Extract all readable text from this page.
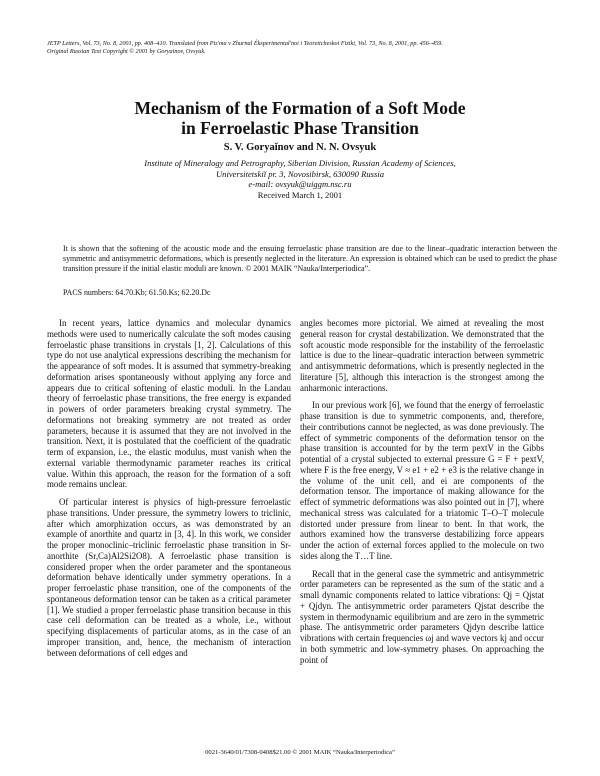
JETP Letters, Vol. 73, No. 8, 2001, pp. 408–410. Translated from Pis'ma v Zhurnal Éksperimental'noi i Teoreticheskoi Fiziki, Vol. 73, No. 8, 2001, pp. 456–459.
Original Russian Text Copyright © 2001 by Goryainov, Ovsyuk.
Mechanism of the Formation of a Soft Mode
in Ferroelastic Phase Transition
S. V. Goryaĭnov and N. N. Ovsyuk
Institute of Mineralogy and Petrography, Siberian Division, Russian Academy of Sciences,
Universitetskiĭ pr. 3, Novosibirsk, 630090 Russia
e-mail: ovsyuk@uiggm.nsc.ru
Received March 1, 2001
It is shown that the softening of the acoustic mode and the ensuing ferroelastic phase transition are due to the linear–quadratic interaction between the symmetric and antisymmetric deformations, which is presently neglected in the literature. An expression is obtained which can be used to predict the phase transition pressure if the initial elastic moduli are known. © 2001 MAIK “Nauka/Interperiodica”.
PACS numbers: 64.70.Kb; 61.50.Ks; 62.20.Dc

In recent years, lattice dynamics and molecular dynamics methods were used to numerically calculate the soft modes causing ferroelastic phase transitions in crystals [1, 2]. Calculations of this type do not use analytical expressions describing the mechanism for the appearance of soft modes. It is assumed that symmetry-breaking deformation arises spontaneously without applying any force and appears due to critical softening of elastic moduli. In the Landau theory of ferroelastic phase transitions, the free energy is expanded in powers of order parameters breaking crystal symmetry. The deformations not breaking symmetry are not treated as order parameters, because it is assumed that they are not involved in the transition. Next, it is postulated that the coefficient of the quadratic term of expansion, i.e., the elastic modulus, must vanish when the external variable thermodynamic parameter reaches its critical value. Within this approach, the reason for the formation of a soft mode remains unclear.

Of particular interest is physics of high-pressure ferroelastic phase transitions. Under pressure, the symmetry lowers to triclinic, after which amorphization occurs, as was demonstrated by an example of anorthite and quartz in [3, 4]. In this work, we consider the proper monoclinic–triclinic ferroelastic phase transition in Sr-anorthite (Sr,Ca)Al2Si2O8). A ferroelastic phase transition is considered proper when the order parameter and the spontaneous deformation behave identically under symmetry operations. In a proper ferroelastic phase transition, one of the components of the spontaneous deformation tensor can be taken as a critical parameter [1]. We studied a proper ferroelastic phase transition because in this case cell deformation can be treated as a whole, i.e., without specifying displacements of particular atoms, as in the case of an improper transition, and, hence, the mechanism of interaction between deformations of cell edges and

angles becomes more pictorial. We aimed at revealing the most general reason for crystal destabilization. We demonstrated that the soft acoustic mode responsible for the instability of the ferroelastic lattice is due to the linear–quadratic interaction between symmetric and antisymmetric deformations, which is presently neglected in the literature [5], although this interaction is the strongest among the anharmonic interactions.

In our previous work [6], we found that the energy of ferroelastic phase transition is due to symmetric components, and, therefore, their contributions cannot be neglected, as was done previously. The effect of symmetric components of the deformation tensor on the phase transition is accounted for by the term pextV in the Gibbs potential of a crystal subjected to external pressure G = F + pextV, where F is the free energy, V ≈ e1 + e2 + e3 is the relative change in the volume of the unit cell, and ei are components of the deformation tensor. The importance of making allowance for the effect of symmetric deformations was also pointed out in [7], where mechanical stress was calculated for a triatomic T–O–T molecule distorted under pressure from linear to bent. In that work, the authors examined how the transverse destabilizing force appears under the action of external forces applied to the molecule on two sides along the T…T line.

Recall that in the general case the symmetric and antisymmetric order parameters can be represented as the sum of the static and a small dynamic components related to lattice vibrations: Qj = Qjstat + Qjdyn. The antisymmetric order parameters Qjstat describe the system in thermodynamic equilibrium and are zero in the symmetric phase. The antisymmetric order parameters Qjdyn describe lattice vibrations with certain frequencies ωj and wave vectors kj and occur in both symmetric and low-symmetry phases. On approaching the point of

0021-3640/01/7308-0408$21.00 © 2001 MAIK “Nauka/Interperiodica”
